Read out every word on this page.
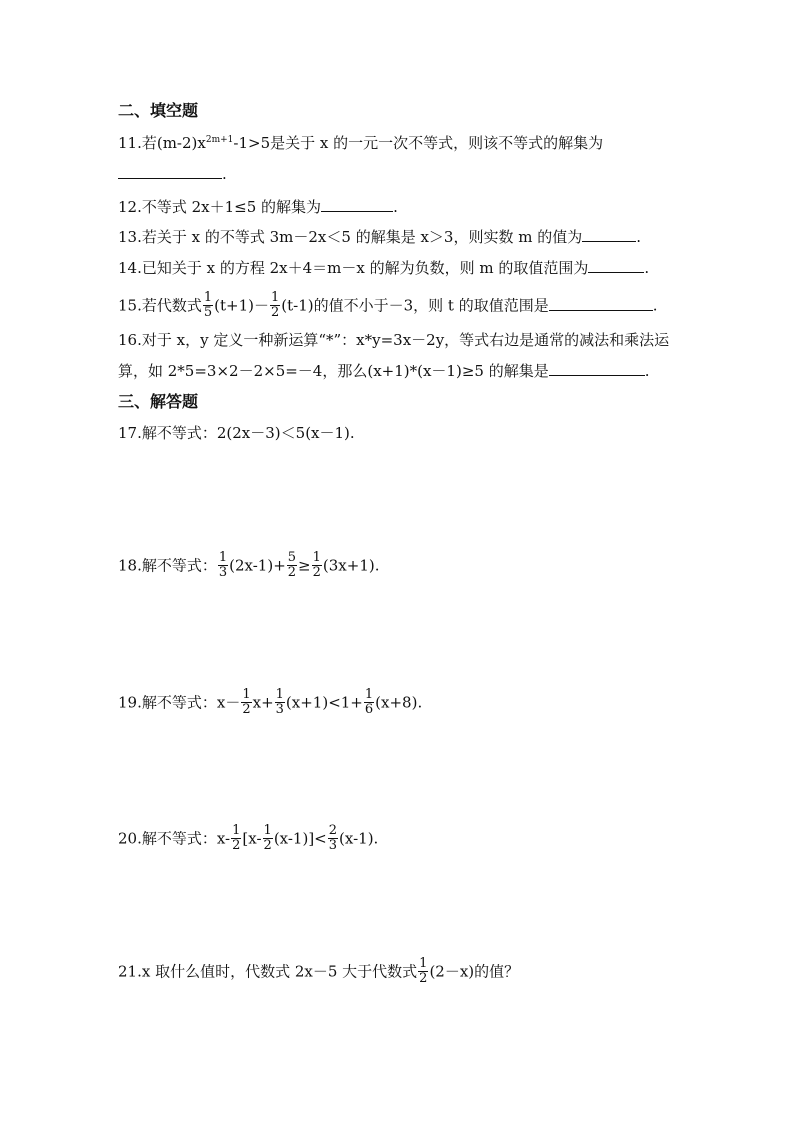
二、填空题
11.若$(m-2)x^{2m+1}-1>5$是关于 x 的一元一次不等式，则该不等式的解集为
.
12.不等式 2x＋1≤5 的解集为	.
13.若关于 x 的不等式 3m－2x＜5 的解集是 x＞3，则实数 m 的值为	.
14.已知关于 x 的方程 2x＋4＝m－x 的解为负数，则 m 的取值范围为	.
15.若代数式 $\frac{1}{5} (t+1)- \frac{1}{2} (t-1)$的值不小于－3，则 t 的取值范围是	.
16.对于 x，y 定义一种新运算“*”：x*y=3x－2y，等式右边是通常的减法和乘法运
算，如 2*5=3×2－2×5=－4，那么(x+1)*(x－1)≥5 的解集是	.
三、解答题
17.解不等式：2(2x－3)＜5(x－1).
18.解不等式： $\frac{1}{3} (2x-1)+ \frac{5}{2} \ge \frac{1}{2} (3x+1)$.
19.解不等式：$x- \frac{1}{2} x+ \frac{1}{3} (x+1)<1+ \frac{1}{6} (x+8)$.
20.解不等式：$x- \frac{1}{2} [x- \frac{1}{2} (x-1)]< \frac{2}{3} (x-1)$.
21.x 取什么值时，代数式 2x－5 大于代数式 $\frac{1}{2} (2-x)$的值？
